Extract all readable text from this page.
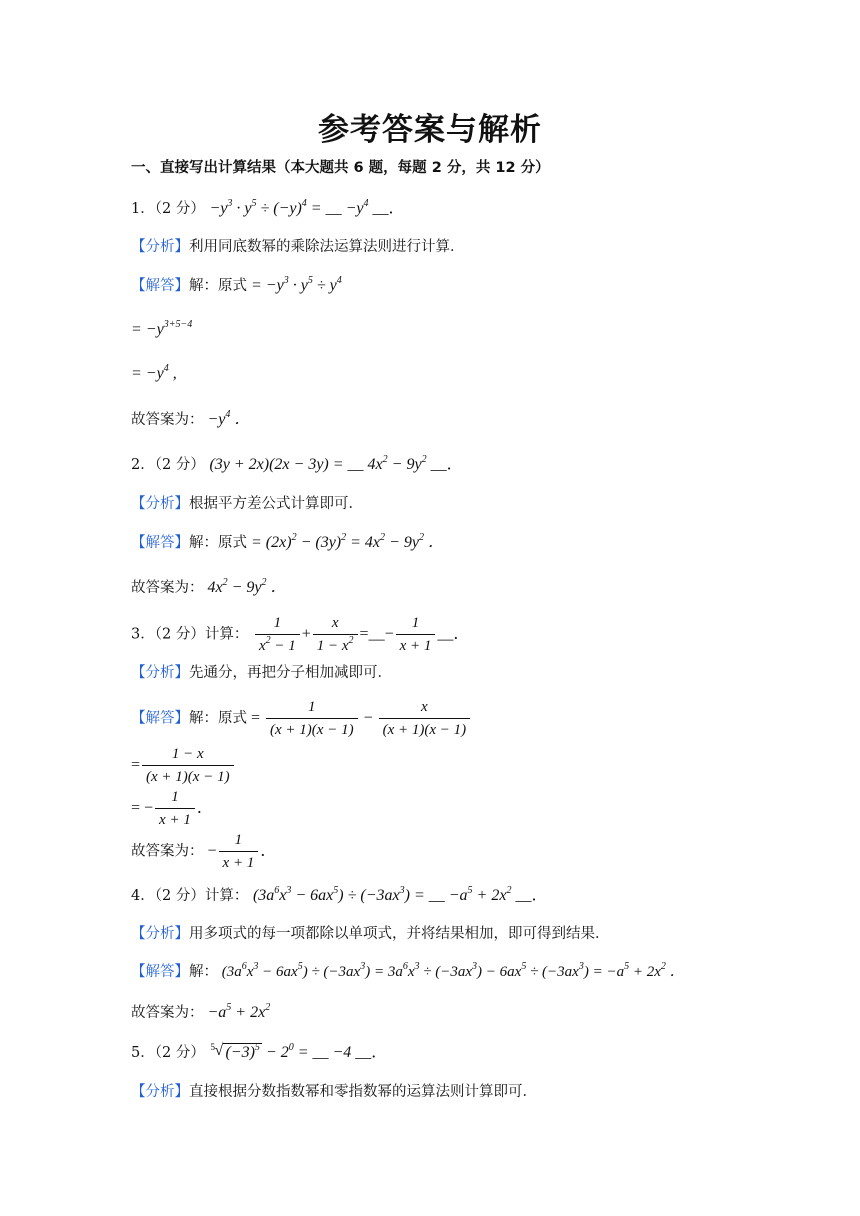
参考答案与解析
一、直接写出计算结果（本大题共 6 题，每题 2 分，共 12 分）
1．（2 分） $-y^3 \cdot y^5 \div (-y)^4$ = __ $-y^4$ __．
【分析】利用同底数幂的乘除法运算法则进行计算．
【解答】解：原式 = $-y^3 \cdot y^5 \div y^4$
= $-y^{3+5-4}$
= $-y^4$ ,
故答案为： $-y^4$ ．
2．（2 分） (3y + 2x)(2x − 3y) = __ $4x^2 - 9y^2$ __．
【分析】根据平方差公式计算即可．
【解答】解：原式 = $(2x)^2 - (3y)^2 = 4x^2 - 9y^2$ ．
故答案为： $4x^2 - 9y^2$ ．
3．（2 分）计算： $\frac{1}{x^2 - 1} + \frac{x}{1 - x^2}$ =__− $\frac{1}{x + 1}$ __．
【分析】先通分，再把分子相加减即可．
【解答】解：原式 = $\frac{1}{(x + 1)(x - 1)} - \frac{x}{(x + 1)(x - 1)}$
= $\frac{1 - x}{(x + 1)(x - 1)}$
= − $\frac{1}{x + 1}$ ．
故答案为： − $\frac{1}{x + 1}$ ．
4．（2 分）计算： $(3a^6x^3 - 6ax^5) \div (-3ax^3)$ = __ $-a^5 + 2x^2$ __．
【分析】用多项式的每一项都除以单项式，并将结果相加，即可得到结果．
【解答】解： $(3a^6x^3 - 6ax^5) \div (-3ax^3) = 3a^6x^3 \div (-3ax^3) - 6ax^5 \div (-3ax^3) = -a^5 + 2x^2$ ．
故答案为： $-a^5 + 2x^2$
5．（2 分） 5 √ $(-3)^5 - 2^0$ = __ −4 __．
【分析】直接根据分数指数幂和零指数幂的运算法则计算即可．
